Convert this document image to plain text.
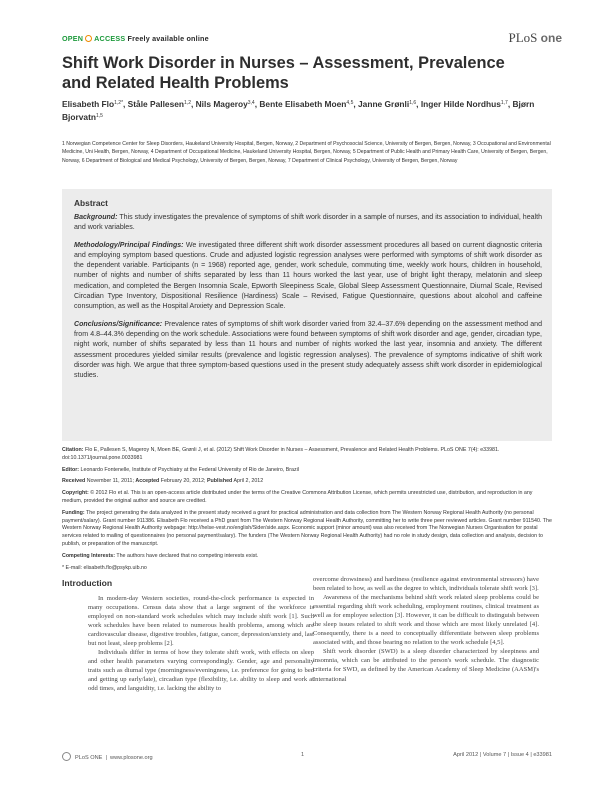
OPEN ACCESS Freely available online	PLoS one
Shift Work Disorder in Nurses – Assessment, Prevalence and Related Health Problems
Elisabeth Flo$^{1,2*}$, Ståle Pallesen$^{1,2}$, Nils Mageroy$^{3,4}$, Bente Elisabeth Moen$^{4,5}$, Janne Grønli$^{1,6}$, Inger Hilde Nordhus$^{1,7}$, Bjørn Bjorvatn$^{1,5}$
1 Norwegian Competence Center for Sleep Disorders, Haukeland University Hospital, Bergen, Norway, 2 Department of Psychosocial Science, University of Bergen, Bergen, Norway, 3 Occupational and Environmental Medicine, Uni Health, Bergen, Norway, 4 Department of Occupational Medicine, Haukeland University Hospital, Bergen, Norway, 5 Department of Public Health and Primary Health Care, University of Bergen, Bergen, Norway, 6 Department of Biological and Medical Psychology, University of Bergen, Bergen, Norway, 7 Department of Clinical Psychology, University of Bergen, Bergen, Norway
Abstract

Background: This study investigates the prevalence of symptoms of shift work disorder in a sample of nurses, and its association to individual, health and work variables.

Methodology/Principal Findings: We investigated three different shift work disorder assessment procedures all based on current diagnostic criteria and employing symptom based questions. Crude and adjusted logistic regression analyses were performed with symptoms of shift work disorder as the dependent variable. Participants (n = 1968) reported age, gender, work schedule, commuting time, weekly work hours, children in household, number of nights and number of shifts separated by less than 11 hours worked the last year, use of bright light therapy, melatonin and sleep medication, and completed the Bergen Insomnia Scale, Epworth Sleepiness Scale, Global Sleep Assessment Questionnaire, Diurnal Scale, Revised Circadian Type Inventory, Dispositional Resilience (Hardiness) Scale – Revised, Fatigue Questionnaire, questions about alcohol and caffeine consumption, as well as the Hospital Anxiety and Depression Scale.

Conclusions/Significance: Prevalence rates of symptoms of shift work disorder varied from 32.4–37.6% depending on the assessment method and from 4.8–44.3% depending on the work schedule. Associations were found between symptoms of shift work disorder and age, gender, circadian type, night work, number of shifts separated by less than 11 hours and number of nights worked the last year, insomnia and anxiety. The different assessment procedures yielded similar results (prevalence and logistic regression analyses). The prevalence of symptoms indicative of shift work disorder was high. We argue that three symptom-based questions used in the present study adequately assess shift work disorder in epidemiological studies.

Citation: Flo E, Pallesen S, Mageroy N, Moen BE, Grønli J, et al. (2012) Shift Work Disorder in Nurses – Assessment, Prevalence and Related Health Problems. PLoS ONE 7(4): e33981. doi:10.1371/journal.pone.0033981

Editor: Leonardo Fontenelle, Institute of Psychiatry at the Federal University of Rio de Janeiro, Brazil

Received November 11, 2011; Accepted February 20, 2012; Published April 2, 2012

Copyright: © 2012 Flo et al. This is an open-access article distributed under the terms of the Creative Commons Attribution License, which permits unrestricted use, distribution, and reproduction in any medium, provided the original author and source are credited.

Funding: The project generating the data analyzed in the present study received a grant for practical administration and data collection from The Western Norway Regional Health Authority (no personal payment/salary). Grant number 911386. Elisabeth Flo received a PhD grant from The Western Norway Regional Health Authority, committing her to write three peer reviewed articles. Grant number 911540. The Western Norway Regional Health Authority webpage: http://helse-vest.no/english/Sider/side.aspx. Economic support (minor amount) was also received from The Norwegian Nurses Organisation for postal services related to mailing of questionnaires (no personal payment/salary). The funders (The Western Norway Regional Health Authority) had no role in study design, data collection and analysis, decision to publish, or preparation of the manuscript.

Competing Interests: The authors have declared that no competing interests exist.

* E-mail: elisabeth.flo@psykp.uib.no

Introduction

In modern-day Western societies, round-the-clock performance is expected in many occupations. Census data show that a large segment of the workforce is employed on non-standard work schedules which may include shift work [1]. Such work schedules have been related to numerous health problems, among which are cardiovascular disease, digestive troubles, fatigue, cancer, depression/anxiety and, last but not least, sleep problems [2].

Individuals differ in terms of how they tolerate shift work, with effects on sleep and other health parameters varying correspondingly. Gender, age and personality traits such as diurnal type (morningness/eveningness, i.e. preference for going to bed and getting up early/late), circadian type (flexibility, i.e. ability to sleep and work at odd times, and languidity, i.e. lacking the ability to

overcome drowsiness) and hardiness (resilience against environmental stressors) have been related to how, as well as the degree to which, individuals tolerate shift work [3].

Awareness of the mechanisms behind shift work related sleep problems could be essential regarding shift work scheduling, employment routines, clinical treatment as well as for employee selection [3]. However, it can be difficult to distinguish between the sleep issues related to shift work and those which are most likely unrelated [4]. Consequently, there is a need to conceptually differentiate between sleep problems associated with, and those bearing no relation to the work schedule [4,5].

Shift work disorder (SWD) is a sleep disorder characterized by sleepiness and insomnia, which can be attributed to the person's work schedule. The diagnostic criteria for SWD, as defined by the American Academy of Sleep Medicine (AASM)'s International

PLoS ONE  |  www.plosone.org	1	April 2012 | Volume 7 | Issue 4 | e33981
